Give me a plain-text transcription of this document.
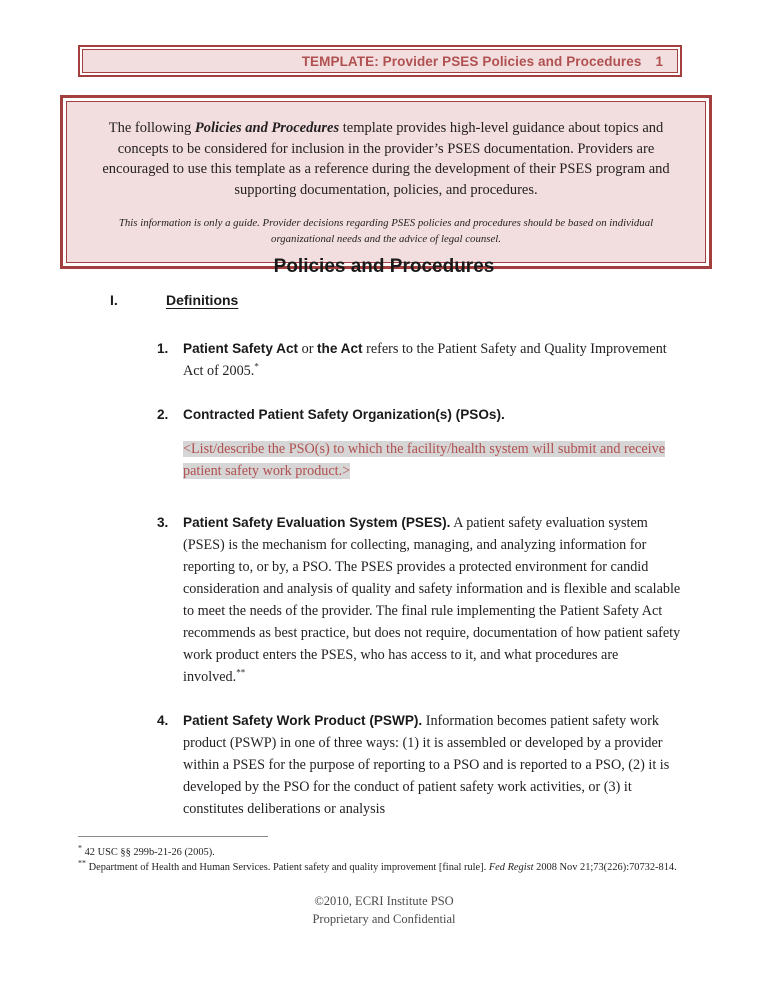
TEMPLATE: Provider PSES Policies and Procedures 1
The following Policies and Procedures template provides high-level guidance about topics and concepts to be considered for inclusion in the provider’s PSES documentation. Providers are encouraged to use this template as a reference during the development of their PSES program and supporting documentation, policies, and procedures.
This information is only a guide. Provider decisions regarding PSES policies and procedures should be based on individual organizational needs and the advice of legal counsel.
Policies and Procedures
I.	Definitions
1. Patient Safety Act or the Act refers to the Patient Safety and Quality Improvement Act of 2005.*
2. Contracted Patient Safety Organization(s) (PSOs).
<List/describe the PSO(s) to which the facility/health system will submit and receive patient safety work product.>
3. Patient Safety Evaluation System (PSES). A patient safety evaluation system (PSES) is the mechanism for collecting, managing, and analyzing information for reporting to, or by, a PSO. The PSES provides a protected environment for candid consideration and analysis of quality and safety information and is flexible and scalable to meet the needs of the provider. The final rule implementing the Patient Safety Act recommends as best practice, but does not require, documentation of how patient safety work product enters the PSES, who has access to it, and what procedures are involved.**
4. Patient Safety Work Product (PSWP). Information becomes patient safety work product (PSWP) in one of three ways: (1) it is assembled or developed by a provider within a PSES for the purpose of reporting to a PSO and is reported to a PSO, (2) it is developed by the PSO for the conduct of patient safety work activities, or (3) it constitutes deliberations or analysis
* 42 USC §§ 299b-21-26 (2005).
** Department of Health and Human Services. Patient safety and quality improvement [final rule]. Fed Regist 2008 Nov 21;73(226):70732-814.
©2010, ECRI Institute PSO
Proprietary and Confidential
